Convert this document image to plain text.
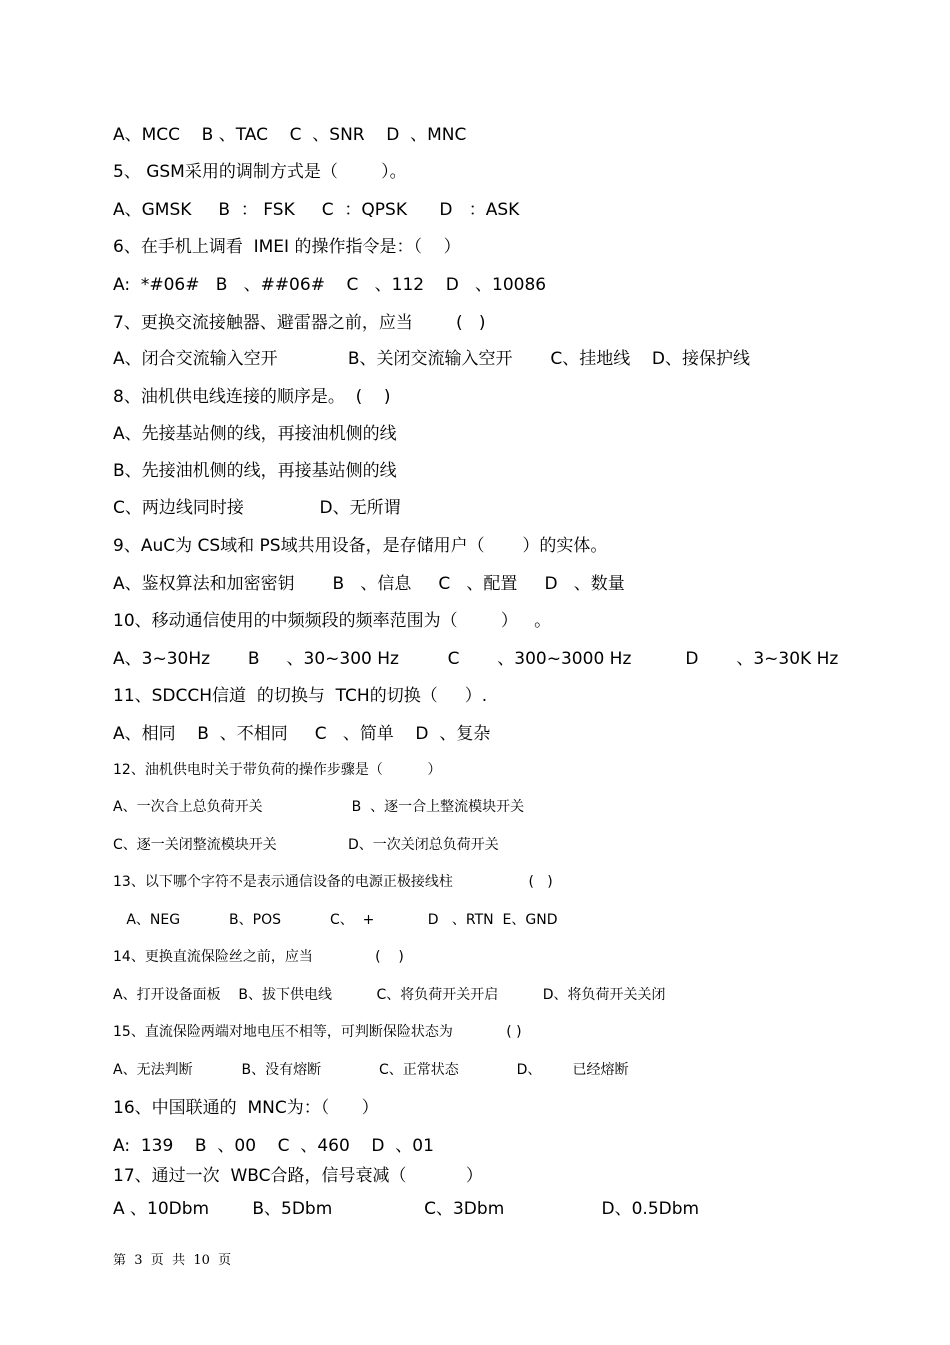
A、MCC    B 、TAC    C  、SNR    D  、MNC
5、 GSM采用的调制方式是（        ）。
A、GMSK     B  ： FSK     C  ：QPSK      D   ：ASK
6、在手机上调看  IMEI 的操作指令是：（    ）
A:  *#06#   B   、##06#    C   、112    D   、10086
7、更换交流接触器、避雷器之前，应当        (   )
A、闭合交流输入空开             B、关闭交流输入空开       C、挂地线    D、接保护线
8、油机供电线连接的顺序是。  (    )
A、先接基站侧的线，再接油机侧的线
B、先接油机侧的线，再接基站侧的线
C、两边线同时接              D、无所谓
9、AuC为 CS域和 PS域共用设备，是存储用户（       ）的实体。
A、鉴权算法和加密密钥       B   、信息     C   、配置     D   、数量
10、移动通信使用的中频频段的频率范围为（        ）   。
A、3~30Hz       B     、30~300 Hz         C       、300~3000 Hz          D       、3~30K Hz
11、SDCCH信道  的切换与  TCH的切换（     ）.
A、相同    B  、不相同     C   、简单    D  、复杂
12、油机供电时关于带负荷的操作步骤是（          ）
A、一次合上总负荷开关                    B  、逐一合上整流模块开关
C、逐一关闭整流模块开关                D、一次关闭总负荷开关
13、以下哪个字符不是表示通信设备的电源正极接线柱                 (   )
A、NEG           B、POS           C、  +            D   、RTN  E、GND
14、更换直流保险丝之前，应当              (    )
A、打开设备面板    B、拔下供电线          C、将负荷开关开启          D、将负荷开关关闭
15、直流保险两端对地电压不相等，可判断保险状态为            ( )
A、无法判断           B、没有熔断             C、正常状态             D、       已经熔断
16、中国联通的  MNC为：（      ）
A:  139    B  、00    C  、460    D  、01
17、通过一次  WBC合路，信号衰减（           ）
A 、10Dbm        B、5Dbm                 C、3Dbm                  D、0.5Dbm
第  3  页  共  10  页
